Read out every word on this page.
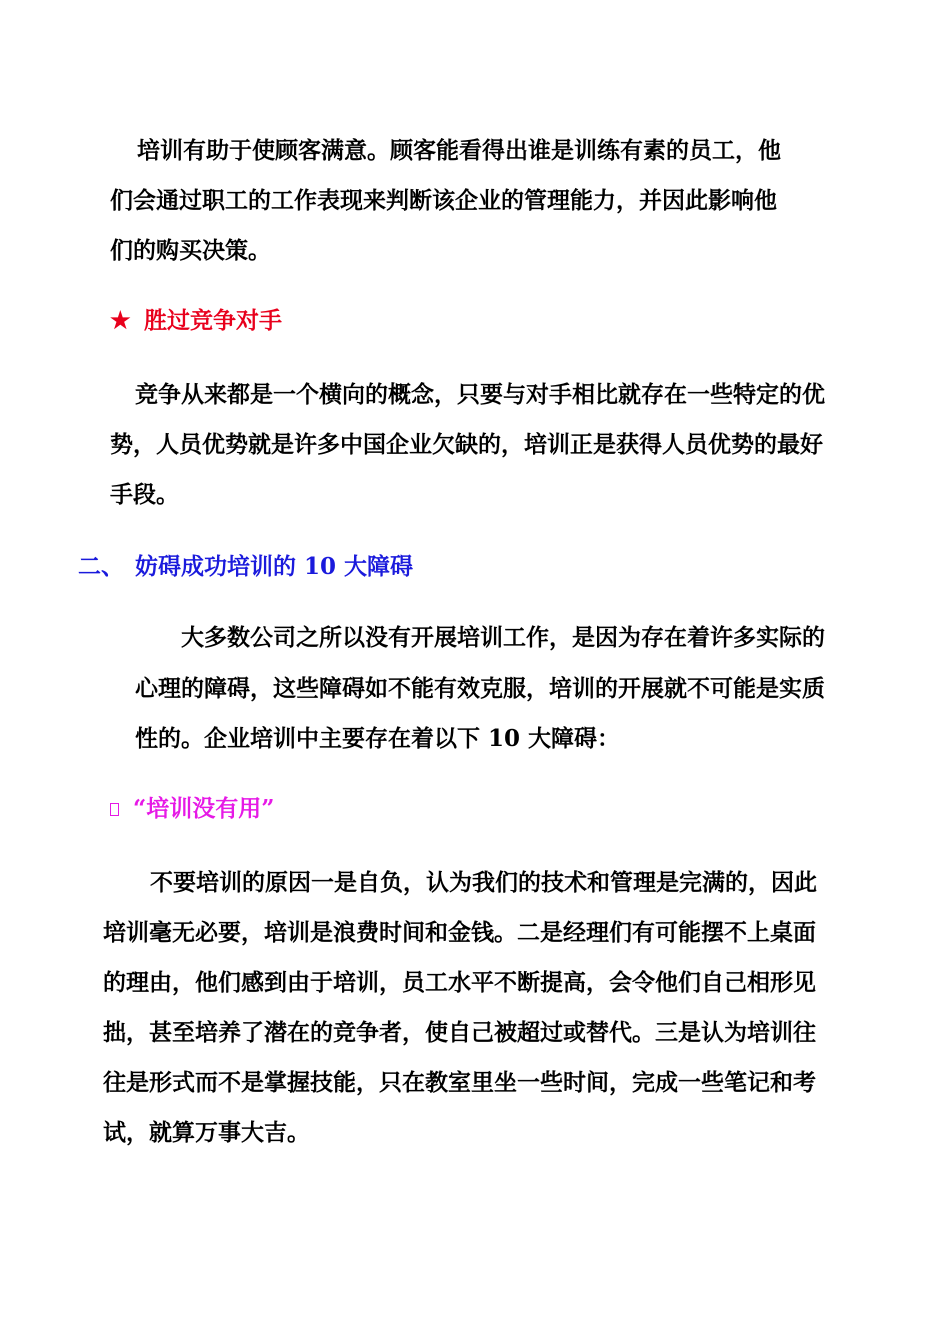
培训有助于使顾客满意。顾客能看得出谁是训练有素的员工，他
们会通过职工的工作表现来判断该企业的管理能力，并因此影响他
们的购买决策。
★ 胜过竞争对手
竞争从来都是一个横向的概念，只要与对手相比就存在一些特定的优
势，人员优势就是许多中国企业欠缺的，培训正是获得人员优势的最好
手段。
二、 妨碍成功培训的 10 大障碍
大多数公司之所以没有开展培训工作，是因为存在着许多实际的
心理的障碍，这些障碍如不能有效克服，培训的开展就不可能是实质
性的。企业培训中主要存在着以下 10 大障碍：
“培训没有用”
不要培训的原因一是自负，认为我们的技术和管理是完满的，因此
培训毫无必要，培训是浪费时间和金钱。二是经理们有可能摆不上桌面
的理由，他们感到由于培训，员工水平不断提高，会令他们自己相形见
拙，甚至培养了潜在的竞争者，使自己被超过或替代。三是认为培训往
往是形式而不是掌握技能，只在教室里坐一些时间，完成一些笔记和考
试，就算万事大吉。
